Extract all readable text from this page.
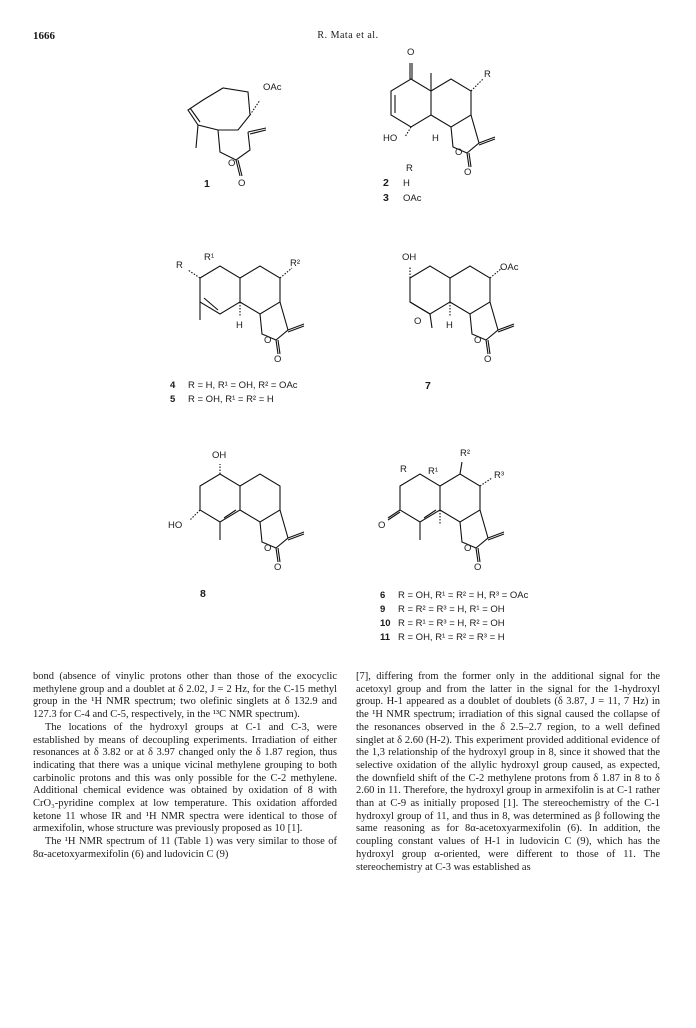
1666	R. Mata et al.
OAc
O
O
1
O
R
HO	H
O
O
R
2 H
3 OAc
R
R¹
R²
H
O
O
4 R = H, R¹ = OH, R² = OAc
5 R = OH, R¹ = R² = H
OH
OAc
O	H
O
O
7
OH
HO
O
O
8
R R¹
R²
R³
O
O
O
6 R = OH, R¹ = R² = H, R³ = OAc
9 R = R² = R³ = H, R¹ = OH
10 R = R¹ = R³ = H, R² = OH
11 R = OH, R¹ = R² = R³ = H

bond (absence of vinylic protons other than those of the exocyclic methylene group and a doublet at δ 2.02, J = 2 Hz, for the C-15 methyl group in the ¹H NMR spectrum; two olefinic singlets at δ 132.9 and 127.3 for C-4 and C-5, respectively, in the ¹³C NMR spectrum).

The locations of the hydroxyl groups at C-1 and C-3, were established by means of decoupling experiments. Irradiation of either resonances at δ 3.82 or at δ 3.97 changed only the δ 1.87 region, thus indicating that there was a unique vicinal methylene grouping to both carbinolic protons and this was only possible for the C-2 methylene. Additional chemical evidence was obtained by oxidation of 8 with CrO₃-pyridine complex at low temperature. This oxidation afforded ketone 11 whose IR and ¹H NMR spectra were identical to those of armexifolin, whose structure was previously proposed as 10 [1].

The ¹H NMR spectrum of 11 (Table 1) was very similar to those of 8α-acetoxyarmexifolin (6) and ludovicin C (9)

[7], differing from the former only in the additional signal for the acetoxyl group and from the latter in the signal for the 1-hydroxyl group. H-1 appeared as a doublet of doublets (δ 3.87, J = 11, 7 Hz) in the ¹H NMR spectrum; irradiation of this signal caused the collapse of the resonances observed in the δ 2.5–2.7 region, to a well defined singlet at δ 2.60 (H-2). This experiment provided additional evidence of the 1,3 relationship of the hydroxyl group in 8, since it showed that the selective oxidation of the allylic hydroxyl group caused, as expected, the downfield shift of the C-2 methylene protons from δ 1.87 in 8 to δ 2.60 in 11. Therefore, the hydroxyl group in armexifolin is at C-1 rather than at C-9 as initially proposed [1]. The stereochemistry of the C-1 hydroxyl group of 11, and thus in 8, was determined as β following the same reasoning as for 8α-acetoxyarmexifolin (6). In addition, the coupling constant values of H-1 in ludovicin C (9), which has the hydroxyl group α-oriented, were different to those of 11. The stereochemistry at C-3 was established as
